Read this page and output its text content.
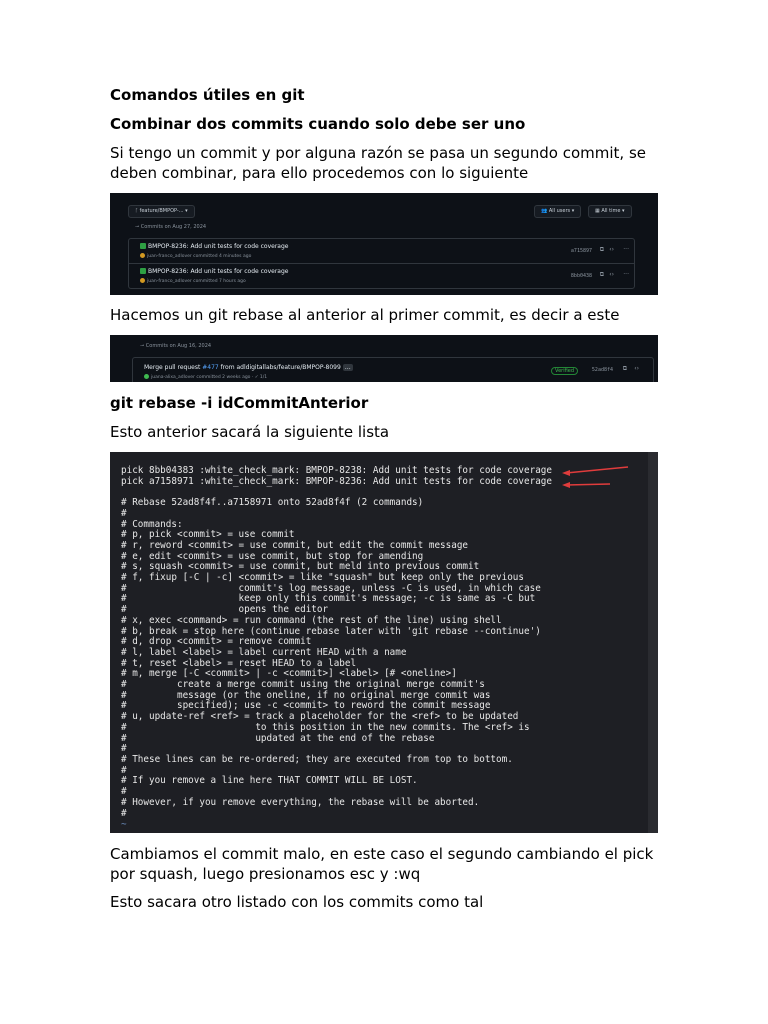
Comandos útiles en git
Combinar dos commits cuando solo debe ser uno
Si tengo un commit y por alguna razón se pasa un segundo commit, se deben combinar, para ello procedemos con lo siguiente
ᚴ feature/BMPOP-... ▾	👥 All users ▾	▦ All time ▾
⊸ Commits on Aug 27, 2024
BMPOP-8236: Add unit tests for code coverage
juan-franco_adlover committed 4 minutes ago
a715897 ⧉ ‹› ···
BMPOP-8236: Add unit tests for code coverage
juan-franco_adlover committed 7 hours ago
8bb0438 ⧉ ‹› ···
Hacemos un git rebase al anterior al primer commit, es decir a este
⊸ Commits on Aug 16, 2024
Merge pull request #477 from adldigitallabs/feature/BMPOP-8099 …
juana-alixa_adlover committed 2 weeks ago · ✓ 1/1
Verified	52ad8f4 ⧉ ‹›
git rebase -i idCommitAnterior
Esto anterior sacará la siguiente lista
pick 8bb04383 :white_check_mark: BMPOP-8238: Add unit tests for code coverage
pick a7158971 :white_check_mark: BMPOP-8236: Add unit tests for code coverage

# Rebase 52ad8f4f..a7158971 onto 52ad8f4f (2 commands)
#
# Commands:
# p, pick <commit> = use commit
# r, reword <commit> = use commit, but edit the commit message
# e, edit <commit> = use commit, but stop for amending
# s, squash <commit> = use commit, but meld into previous commit
# f, fixup [-C | -c] <commit> = like "squash" but keep only the previous
#                    commit's log message, unless -C is used, in which case
#                    keep only this commit's message; -c is same as -C but
#                    opens the editor
# x, exec <command> = run command (the rest of the line) using shell
# b, break = stop here (continue rebase later with 'git rebase --continue')
# d, drop <commit> = remove commit
# l, label <label> = label current HEAD with a name
# t, reset <label> = reset HEAD to a label
# m, merge [-C <commit> | -c <commit>] <label> [# <oneline>]
#         create a merge commit using the original merge commit's
#         message (or the oneline, if no original merge commit was
#         specified); use -c <commit> to reword the commit message
# u, update-ref <ref> = track a placeholder for the <ref> to be updated
#                       to this position in the new commits. The <ref> is
#                       updated at the end of the rebase
#
# These lines can be re-ordered; they are executed from top to bottom.
#
# If you remove a line here THAT COMMIT WILL BE LOST.
#
# However, if you remove everything, the rebase will be aborted.
#
~
Cambiamos el commit malo, en este caso el segundo cambiando el pick por squash, luego presionamos esc y :wq
Esto sacara otro listado con los commits como tal
